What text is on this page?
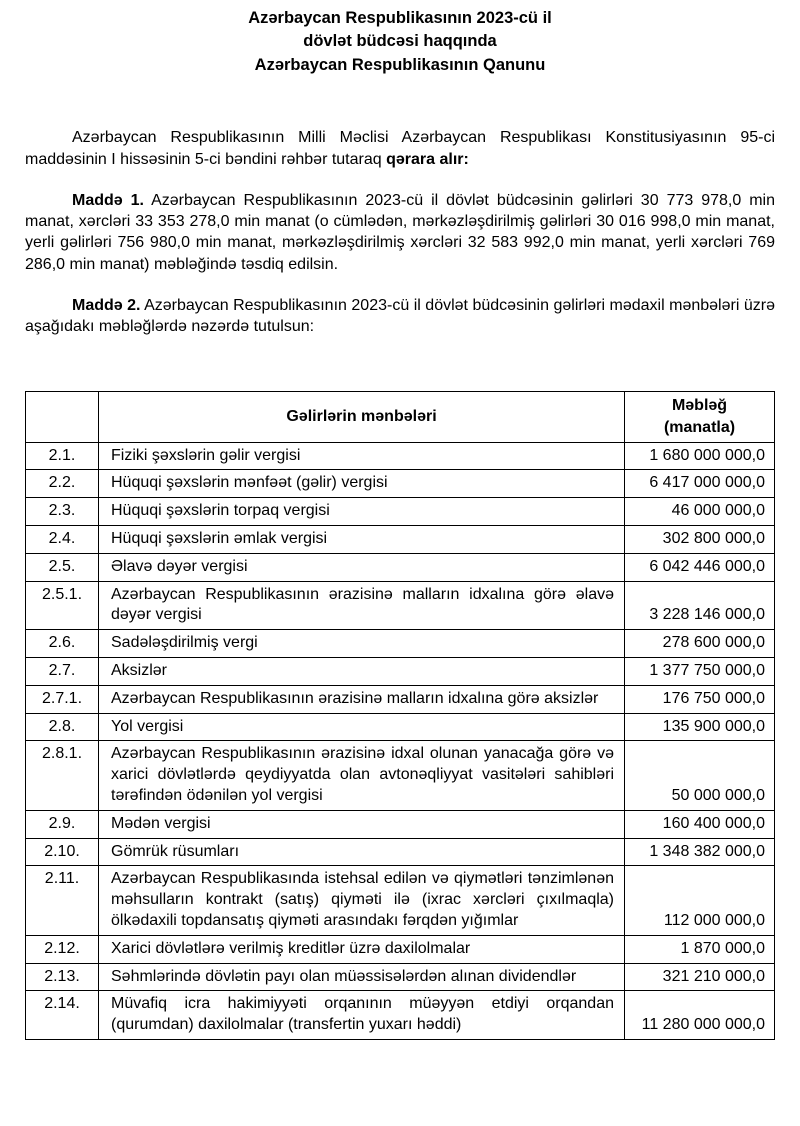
Azərbaycan Respublikasının 2023-cü il
dövlət büdcəsi haqqında
Azərbaycan Respublikasının Qanunu

Azərbaycan Respublikasının Milli Məclisi Azərbaycan Respublikası Konstitusiyasının 95-ci maddəsinin I hissəsinin 5-ci bəndini rəhbər tutaraq qərara alır:

Maddə 1. Azərbaycan Respublikasının 2023-cü il dövlət büdcəsinin gəlirləri 30 773 978,0 min manat, xərcləri 33 353 278,0 min manat (o cümlədən, mərkəzləşdirilmiş gəlirləri 30 016 998,0 min manat, yerli gəlirləri 756 980,0 min manat, mərkəzləşdirilmiş xərcləri 32 583 992,0 min manat, yerli xərcləri 769 286,0 min manat) məbləğində təsdiq edilsin.

Maddə 2. Azərbaycan Respublikasının 2023-cü il dövlət büdcəsinin gəlirləri mədaxil mənbələri üzrə aşağıdakı məbləğlərdə nəzərdə tutulsun:

	Gəlirlərin mənbələri	Məbləğ
(manatla)
2.1.	Fiziki şəxslərin gəlir vergisi	1 680 000 000,0
2.2.	Hüquqi şəxslərin mənfəət (gəlir) vergisi	6 417 000 000,0
2.3.	Hüquqi şəxslərin torpaq vergisi	46 000 000,0
2.4.	Hüquqi şəxslərin əmlak vergisi	302 800 000,0
2.5.	Əlavə dəyər vergisi	6 042 446 000,0
2.5.1.	Azərbaycan Respublikasının ərazisinə malların idxalına görə əlavə dəyər vergisi	3 228 146 000,0
2.6.	Sadələşdirilmiş vergi	278 600 000,0
2.7.	Aksizlər	1 377 750 000,0
2.7.1.	Azərbaycan Respublikasının ərazisinə malların idxalına görə aksizlər	176 750 000,0
2.8.	Yol vergisi	135 900 000,0
2.8.1.	Azərbaycan Respublikasının ərazisinə idxal olunan yanacağa görə və xarici dövlətlərdə qeydiyyatda olan avtonəqliyyat vasitələri sahibləri tərəfindən ödənilən yol vergisi	50 000 000,0
2.9.	Mədən vergisi	160 400 000,0
2.10.	Gömrük rüsumları	1 348 382 000,0
2.11.	Azərbaycan Respublikasında istehsal edilən və qiymətləri tənzimlənən məhsulların kontrakt (satış) qiyməti ilə (ixrac xərcləri çıxılmaqla) ölkədaxili topdansatış qiyməti arasındakı fərqdən yığımlar	112 000 000,0
2.12.	Xarici dövlətlərə verilmiş kreditlər üzrə daxilolmalar	1 870 000,0
2.13.	Səhmlərində dövlətin payı olan müəssisələrdən alınan dividendlər	321 210 000,0
2.14.	Müvafiq icra hakimiyyəti orqanının müəyyən etdiyi orqandan (qurumdan) daxilolmalar (transfertin yuxarı həddi)	11 280 000 000,0
